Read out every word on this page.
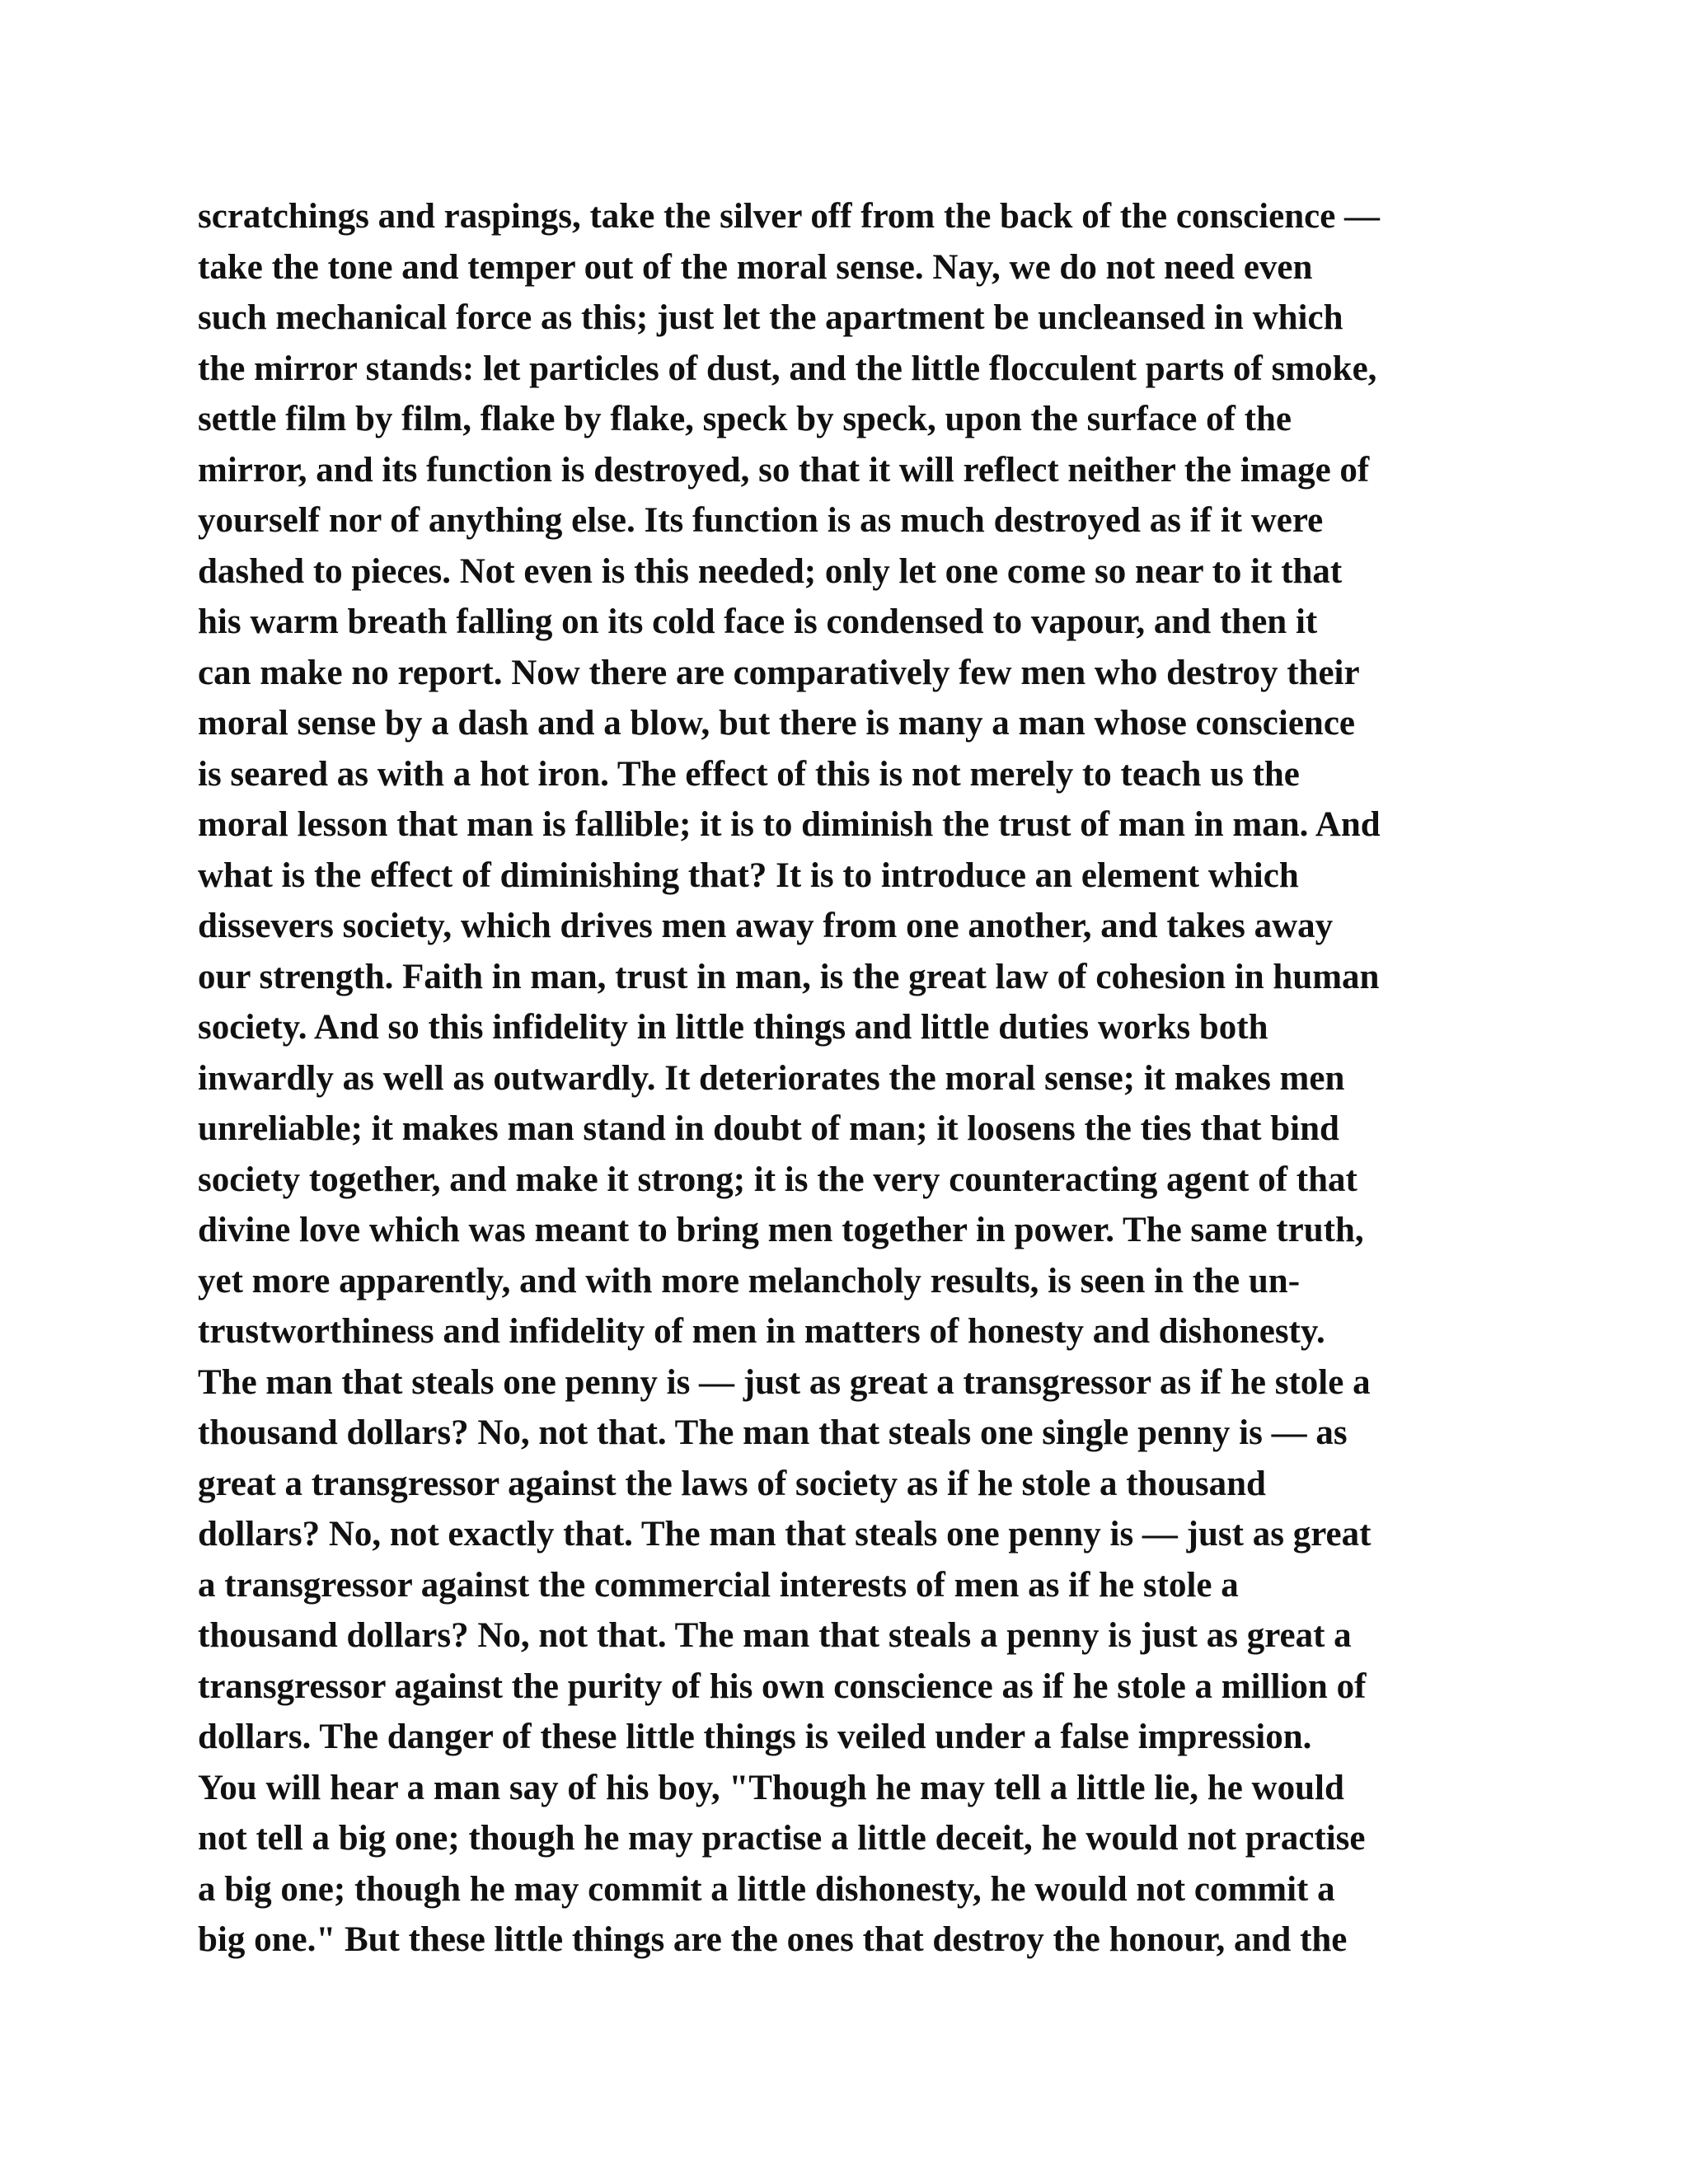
scratchings and raspings, take the silver off from the back of the conscience —
take the tone and temper out of the moral sense. Nay, we do not need even
such mechanical force as this; just let the apartment be uncleansed in which
the mirror stands: let particles of dust, and the little flocculent parts of smoke,
settle film by film, flake by flake, speck by speck, upon the surface of the
mirror, and its function is destroyed, so that it will reflect neither the image of
yourself nor of anything else. Its function is as much destroyed as if it were
dashed to pieces. Not even is this needed; only let one come so near to it that
his warm breath falling on its cold face is condensed to vapour, and then it
can make no report. Now there are comparatively few men who destroy their
moral sense by a dash and a blow, but there is many a man whose conscience
is seared as with a hot iron. The effect of this is not merely to teach us the
moral lesson that man is fallible; it is to diminish the trust of man in man. And
what is the effect of diminishing that? It is to introduce an element which
dissevers society, which drives men away from one another, and takes away
our strength. Faith in man, trust in man, is the great law of cohesion in human
society. And so this infidelity in little things and little duties works both
inwardly as well as outwardly. It deteriorates the moral sense; it makes men
unreliable; it makes man stand in doubt of man; it loosens the ties that bind
society together, and make it strong; it is the very counteracting agent of that
divine love which was meant to bring men together in power. The same truth,
yet more apparently, and with more melancholy results, is seen in the un-
trustworthiness and infidelity of men in matters of honesty and dishonesty.
The man that steals one penny is — just as great a transgressor as if he stole a
thousand dollars? No, not that. The man that steals one single penny is — as
great a transgressor against the laws of society as if he stole a thousand
dollars? No, not exactly that. The man that steals one penny is — just as great
a transgressor against the commercial interests of men as if he stole a
thousand dollars? No, not that. The man that steals a penny is just as great a
transgressor against the purity of his own conscience as if he stole a million of
dollars. The danger of these little things is veiled under a false impression.
You will hear a man say of his boy, "Though he may tell a little lie, he would
not tell a big one; though he may practise a little deceit, he would not practise
a big one; though he may commit a little dishonesty, he would not commit a
big one." But these little things are the ones that destroy the honour, and the
